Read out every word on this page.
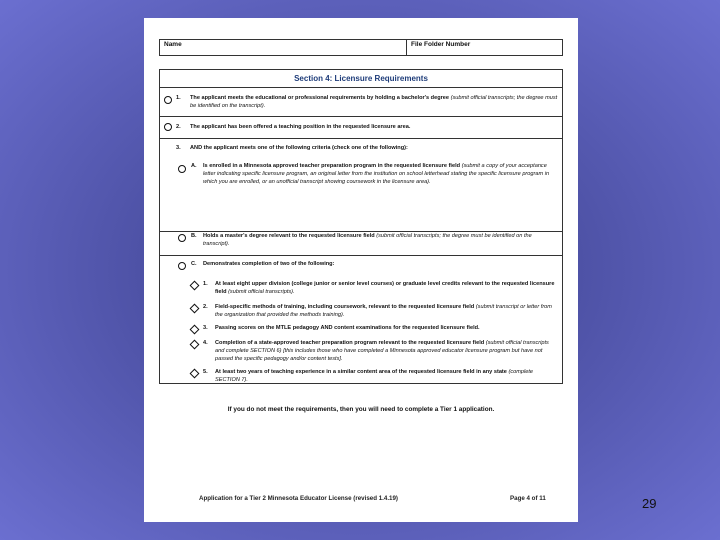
Name	File Folder Number
Section 4: Licensure Requirements
1. The applicant meets the educational or professional requirements by holding a bachelor's degree (submit official transcripts; the degree must be identified on the transcript).
2. The applicant has been offered a teaching position in the requested licensure area.
3. AND the applicant meets one of the following criteria (check one of the following):
A. Is enrolled in a Minnesota approved teacher preparation program in the requested licensure field (submit a copy of your acceptance letter indicating specific licensure program, an original letter from the institution on school letterhead stating the specific licensure program in which you are enrolled, or an unofficial transcript showing coursework in the licensure area).
B. Holds a master's degree relevant to the requested licensure field (submit official transcripts; the degree must be identified on the transcript).
C. Demonstrates completion of two of the following:
1. At least eight upper division (college junior or senior level courses) or graduate level credits relevant to the requested licensure field (submit official transcripts).
2. Field-specific methods of training, including coursework, relevant to the requested licensure field (submit transcript or letter from the organization that provided the methods training).
3. Passing scores on the MTLE pedagogy AND content examinations for the requested licensure field.
4. Completion of a state-approved teacher preparation program relevant to the requested licensure field (submit official transcripts and complete SECTION 6) [this includes those who have completed a Minnesota approved educator licensure program but have not passed the specific pedagogy and/or content tests].
5. At least two years of teaching experience in a similar content area of the requested licensure field in any state (complete SECTION 7).
If you do not meet the requirements, then you will need to complete a Tier 1 application.
Application for a Tier 2 Minnesota Educator License (revised 1.4.19)	Page 4 of 11	29
